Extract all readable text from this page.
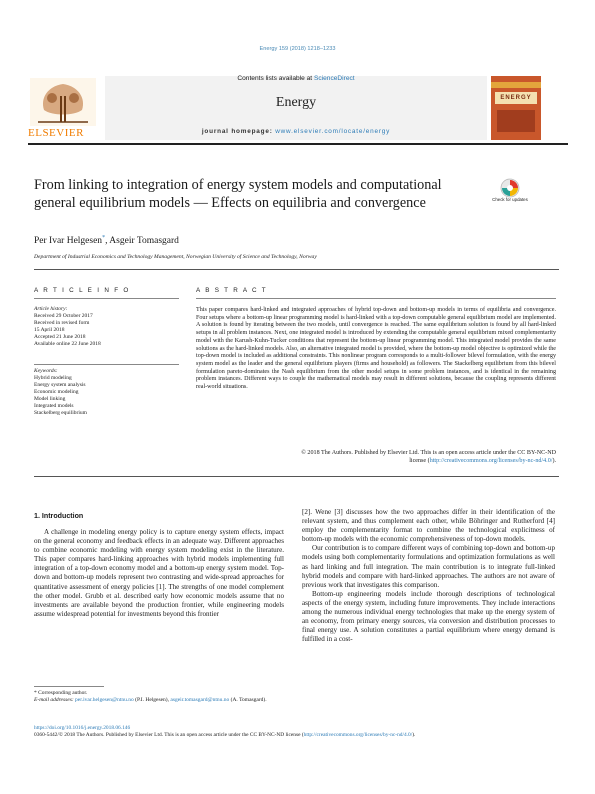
Energy 159 (2018) 1218–1233
ELSEVIER
Contents lists available at ScienceDirect
Energy
journal homepage: www.elsevier.com/locate/energy
ENERGY
From linking to integration of energy system models and computational general equilibrium models — Effects on equilibria and convergence	Check for updates
Per Ivar Helgesen*, Asgeir Tomasgard
Department of Industrial Economics and Technology Management, Norwegian University of Science and Technology, Norway
A R T I C L E I N F O
Article history:
Received 29 October 2017
Received in revised form
15 April 2018
Accepted 21 June 2018
Available online 22 June 2018
Keywords:
Hybrid modeling
Energy system analysis
Economic modeling
Model linking
Integrated models
Stackelberg equilibrium
A B S T R A C T
This paper compares hard-linked and integrated approaches of hybrid top-down and bottom-up models in terms of equilibria and convergence. Four setups where a bottom-up linear programming model is hard-linked with a top-down computable general equilibrium model are implemented. A solution is found by iterating between the two models, until convergence is reached. The same equilibrium solution is found by all hard-linked setups in all problem instances. Next, one integrated model is introduced by extending the computable general equilibrium mixed complementarity model with the Karush-Kuhn-Tucker conditions that represent the bottom-up linear programming model. This integrated model provides the same solutions as the hard-linked models. Also, an alternative integrated model is provided, where the bottom-up model objective is optimized while the top-down model is included as additional constraints. This nonlinear program corresponds to a multi-follower bilevel formulation, with the energy system model as the leader and the general equilibrium players (firms and household) as followers. The Stackelberg equilibrium from this bilevel formulation pareto-dominates the Nash equilibrium from the other model setups in some problem instances, and is identical in the remaining problem instances. Different ways to couple the mathematical models may result in different solutions, because the coupling represents different real-world situations.
© 2018 The Authors. Published by Elsevier Ltd. This is an open access article under the CC BY-NC-ND
license (http://creativecommons.org/licenses/by-nc-nd/4.0/).
1. Introduction

A challenge in modeling energy policy is to capture energy system effects, impact on the general economy and feedback effects in an adequate way. Different approaches to combine economic modeling with energy system modeling exist in the literature. This paper compares hard-linking approaches with hybrid models implementing full integration of a top-down economy model and a bottom-up energy system model. Top-down and bottom-up models represent two contrasting and wide-spread approaches for quantitative assessment of energy policies [1]. The strengths of one model complement the other model. Grubb et al. described early how economic models assume that no investments are available beyond the production frontier, while engineering models assume widespread potential for investments beyond this frontier

[2]. Wene [3] discusses how the two approaches differ in their identification of the relevant system, and thus complement each other, while Böhringer and Rutherford [4] employ the complementarity format to combine the technological explicitness of bottom-up models with the economic comprehensiveness of top-down models.

Our contribution is to compare different ways of combining top-down and bottom-up models using both complementarity formulations and optimization formulations as well as hard linking and full integration. The main contribution is to integrate full-linked hybrid models and compare with hard-linked approaches. The authors are not aware of previous work that investigates this comparison.

Bottom-up engineering models include thorough descriptions of technological aspects of the energy system, including future improvements. They include interactions among the numerous individual energy technologies that make up the energy system of an economy, from primary energy sources, via conversion and distribution processes to final energy use. A solution constitutes a partial equilibrium where energy demand is fulfilled in a cost-

* Corresponding author.
E-mail addresses: per.ivar.helgesen@ntnu.no (P.I. Helgesen), asgeir.tomasgard@ntnu.no (A. Tomasgard).
https://doi.org/10.1016/j.energy.2018.06.146
0360-5442/© 2018 The Authors. Published by Elsevier Ltd. This is an open access article under the CC BY-NC-ND license (http://creativecommons.org/licenses/by-nc-nd/4.0/).
